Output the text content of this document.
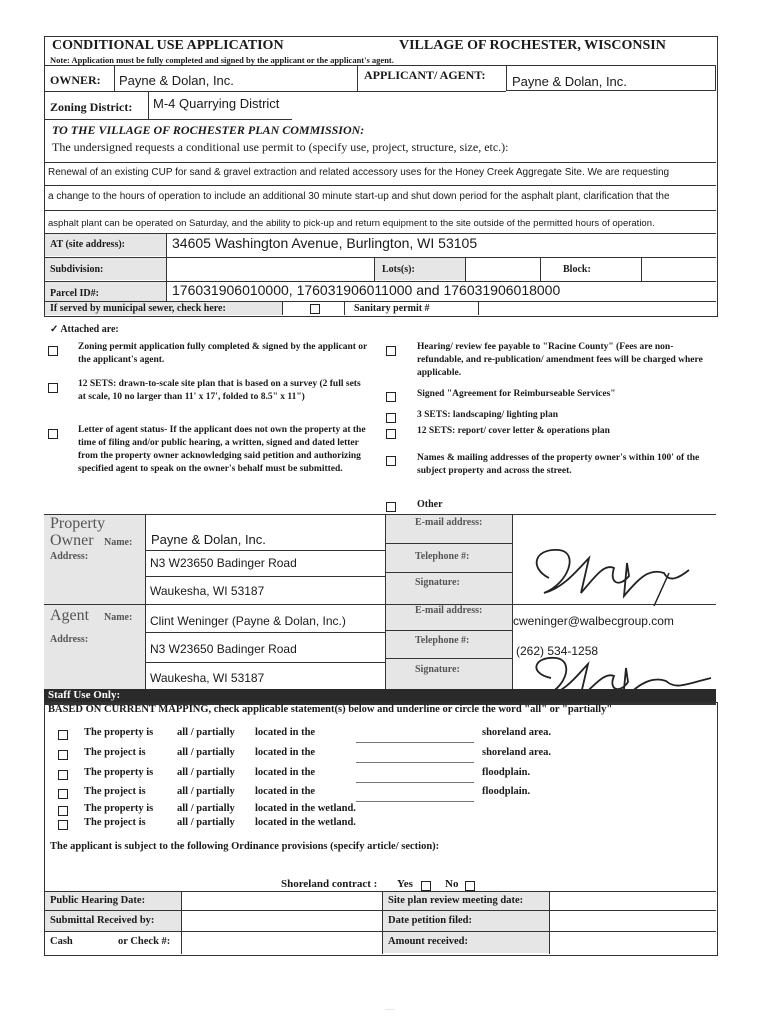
CONDITIONAL USE APPLICATION	VILLAGE OF ROCHESTER, WISCONSIN
Note: Application must be fully completed and signed by the applicant or the applicant's agent.
OWNER: Payne & Dolan, Inc.	APPLICANT/ AGENT: Payne & Dolan, Inc.
Zoning District: M-4 Quarrying District
TO THE VILLAGE OF ROCHESTER PLAN COMMISSION:
The undersigned requests a conditional use permit to (specify use, project, structure, size, etc.):
Renewal of an existing CUP for sand & gravel extraction and related accessory uses for the Honey Creek Aggregate Site. We are requesting
a change to the hours of operation to include an additional 30 minute start-up and shut down period for the asphalt plant, clarification that the
asphalt plant can be operated on Saturday, and the ability to pick-up and return equipment to the site outside of the permitted hours of operation.
AT (site address):	34605 Washington Avenue, Burlington, WI 53105
Subdivision:	Lots(s):	Block:
Parcel ID#:	176031906010000, 176031906011000 and 176031906018000
If served by municipal sewer, check here:	Sanitary permit #
✓ Attached are:
Zoning permit application fully completed & signed by the applicant or the applicant's agent.
12 SETS: drawn-to-scale site plan that is based on a survey (2 full sets at scale, 10 no larger than 11' x 17', folded to 8.5" x 11")
Letter of agent status- If the applicant does not own the property at the time of filing and/or public hearing, a written, signed and dated letter from the property owner acknowledging said petition and authorizing specified agent to speak on the owner's behalf must be submitted.
Hearing/ review fee payable to "Racine County" (Fees are non-refundable, and re-publication/ amendment fees will be charged where applicable.
Signed "Agreement for Reimburseable Services"
3 SETS: landscaping/ lighting plan
12 SETS: report/ cover letter & operations plan
Names & mailing addresses of the property owner's within 100' of the subject property and across the street.
Other
Property
Owner Name:
Address:
Payne & Dolan, Inc.
N3 W23650 Badinger Road
Waukesha, WI 53187
E-mail address:
Telephone #:
Signature:
Agent Name:
Address:
Clint Weninger (Payne & Dolan, Inc.)
N3 W23650 Badinger Road
Waukesha, WI 53187
E-mail address:
cweninger@walbecgroup.com
Telephone #:
(262) 534-1258
Signature:
Staff Use Only:
BASED ON CURRENT MAPPING, check applicable statement(s) below and underline or circle the word "all" or "partially"
The property is all / partially located in the	shoreland area.
The project is	all / partially located in the	shoreland area.
The property is all / partially located in the	floodplain.
The project is	all / partially located in the	floodplain.
The property is all / partially located in the wetland.
The project is	all / partially located in the wetland.
The applicant is subject to the following Ordinance provisions (specify article/ section):
Shoreland contract : Yes	No
Public Hearing Date:	Site plan review meeting date:
Submittal Received by:	Date petition filed:
Cash	or Check #:	Amount received:
—
